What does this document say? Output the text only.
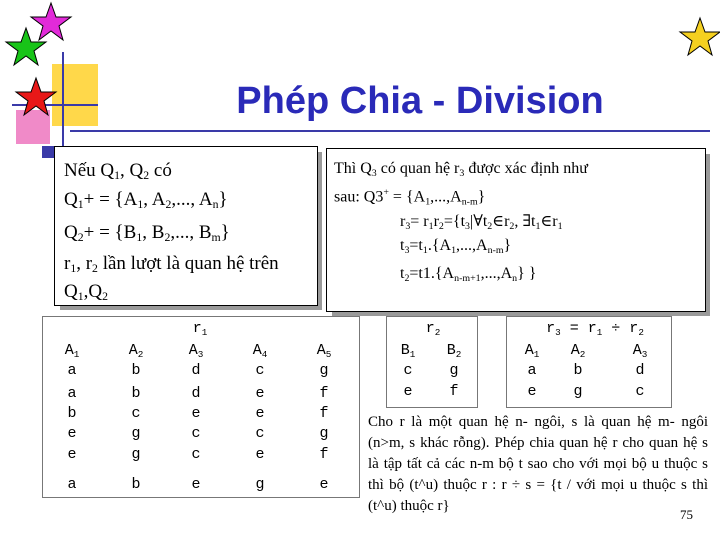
Phép Chia - Division
Nếu $Q_1$, $Q_2$ có
$Q_1+ = \{A_1$, $A_2$,..., $A_n$}
$Q_2+ = \{B_1$, $B_2$,..., $B_m$}
$r_1$, $r_2$ lần lượt là quan hệ trên
$Q_1,Q_2$
Thì $Q_3$ có quan hệ $r_3$ được xác định như
sau: $Q3^+ = \{A_1,...,A_{n-m}\}$
$r_3=$ $r_1r_2=\{t_3|\forall t_2\in r_2$, $\exists t_1\in r_1$
$t_3=t_1.\{A_1,...,A_{n-m}\}$
$t_2=t1.\{A_{n-m+1},...,A_n\}$ }
$r_1$
$A_1$	$A_2$	$A_3$	$A_4$	$A_5$
a	b	d	c	g
a	b	d	e	f
b	c	e	e	f
e	g	c	c	g
e	g	c	e	f
a	b	e	g	e
$r_2$
$B_1$	$B_2$
c	g
e	f
$r_3 = r_1 \div r_2$
$A_1$	$A_2$	$A_3$
a	b	d
e	g	c
Cho r là một quan hệ n- ngôi, s là quan hệ m- ngôi (n>m, s khác rỗng). Phép chia quan hệ r cho quan hệ s là tập tất cả các n-m bộ t sao cho với mọi bộ u thuộc s thì bộ (t^u) thuộc r : r ÷ s = {t / với mọi u thuộc s thì (t^u) thuộc r}
75
